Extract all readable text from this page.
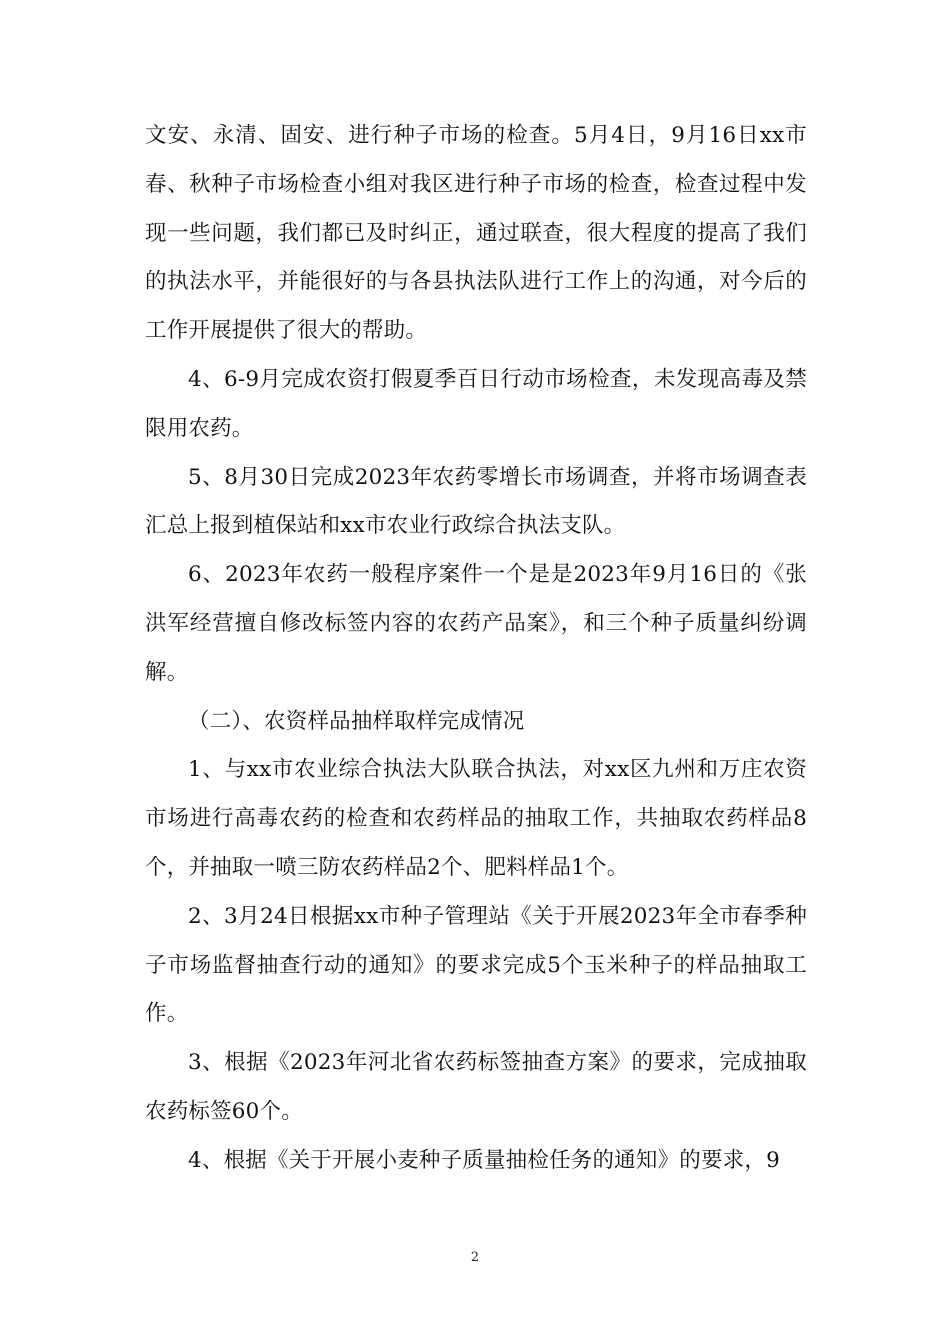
文安、永清、固安、进行种子市场的检查。5月4日，9月16日xx市春、秋种子市场检查小组对我区进行种子市场的检查，检查过程中发现一些问题，我们都已及时纠正，通过联查，很大程度的提高了我们的执法水平，并能很好的与各县执法队进行工作上的沟通，对今后的工作开展提供了很大的帮助。

4、6-9月完成农资打假夏季百日行动市场检查，未发现高毒及禁限用农药。

5、8月30日完成2023年农药零增长市场调查，并将市场调查表汇总上报到植保站和xx市农业行政综合执法支队。

6、2023年农药一般程序案件一个是是2023年9月16日的《张洪军经营擅自修改标签内容的农药产品案》，和三个种子质量纠纷调解。

（二）、农资样品抽样取样完成情况

1、与xx市农业综合执法大队联合执法，对xx区九州和万庄农资市场进行高毒农药的检查和农药样品的抽取工作，共抽取农药样品8个，并抽取一喷三防农药样品2个、肥料样品1个。

2、3月24日根据xx市种子管理站《关于开展2023年全市春季种子市场监督抽查行动的通知》的要求完成5个玉米种子的样品抽取工作。

3、根据《2023年河北省农药标签抽查方案》的要求，完成抽取农药标签60个。

4、根据《关于开展小麦种子质量抽检任务的通知》的要求，9

2
